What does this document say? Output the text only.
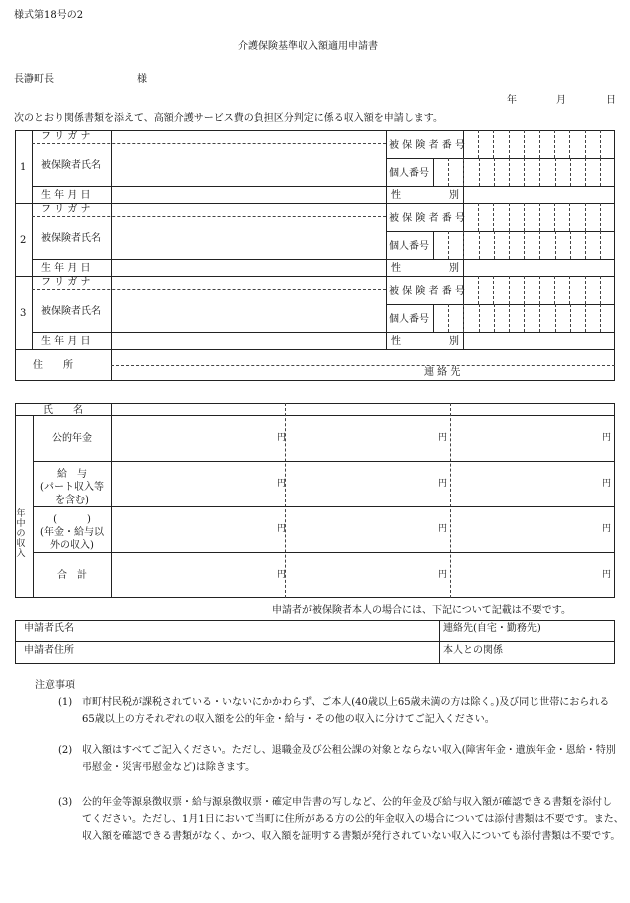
様式第18号の2
介護保険基準収入額適用申請書
長瀞町長	様
年	月	日
次のとおり関係書類を添えて、高額介護サービス費の負担区分判定に係る収入額を申請します。
1
フ リ ガ ナ
被保険者氏名
生 年 月 日
被 保 険 者 番 号
個人番号
性	別
2
フ リ ガ ナ
被保険者氏名
生 年 月 日
被 保 険 者 番 号
個人番号
性	別
3
フ リ ガ ナ
被保険者氏名
生 年 月 日
被 保 険 者 番 号
個人番号
性	別
住　　所
連 絡 先
氏　　名
年中の収入
公的年金	円	円	円
給　与
(パート収入等
を含む)
円	円	円
(　　　)
(年金・給与以
外の収入)
円	円	円
合　計	円	円	円
申請者が被保険者本人の場合には、下記について記載は不要です。
申請者氏名	連絡先(自宅・勤務先)
申請者住所	本人との関係
注意事項
(1) 市町村民税が課税されている・いないにかかわらず、ご本人(40歳以上65歳未満の方は除く。)及び同じ世帯におられる
65歳以上の方それぞれの収入額を公的年金・給与・その他の収入に分けてご記入ください。
(2) 収入額はすべてご記入ください。ただし、退職金及び公租公課の対象とならない収入(障害年金・遺族年金・恩給・特別
弔慰金・災害弔慰金など)は除きます。
(3) 公的年金等源泉徴収票・給与源泉徴収票・確定申告書の写しなど、公的年金及び給与収入額が確認できる書類を添付し
てください。ただし、1月1日において当町に住所がある方の公的年金収入の場合については添付書類は不要です。また、
収入額を確認できる書類がなく、かつ、収入額を証明する書類が発行されていない収入についても添付書類は不要です。
